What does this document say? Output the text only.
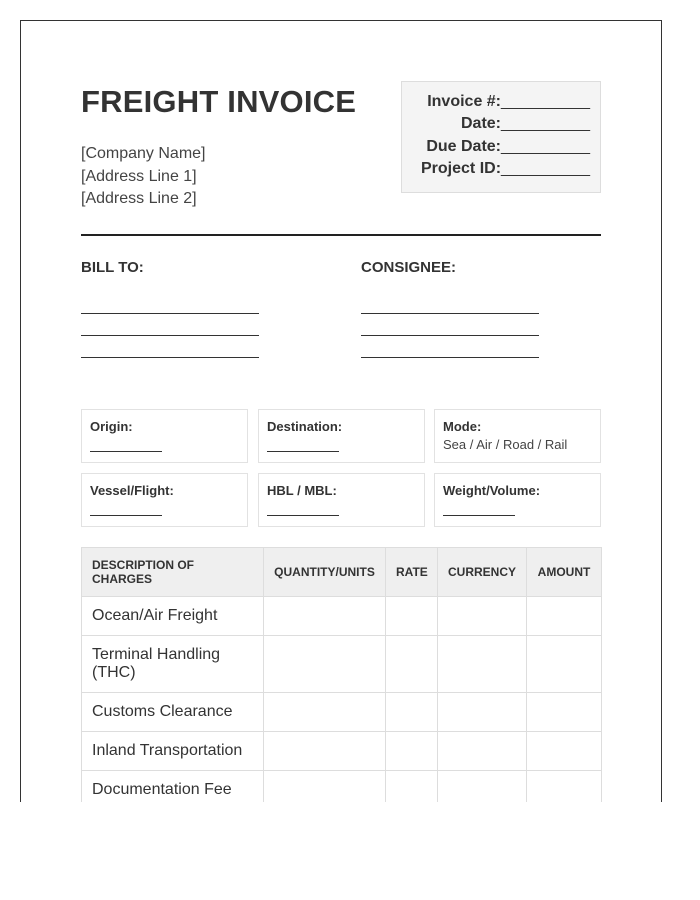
FREIGHT INVOICE
[Company Name]
[Address Line 1]
[Address Line 2]
Invoice #:__________
Date:__________
Due Date:__________
Project ID:__________
BILL TO:	CONSIGNEE:
Origin:	Destination:	Mode:
Sea / Air / Road / Rail
Vessel/Flight:	HBL / MBL:	Weight/Volume:
DESCRIPTION OF CHARGES	QUANTITY/UNITS	RATE	CURRENCY	AMOUNT
Ocean/Air Freight				
Terminal Handling (THC)				
Customs Clearance				
Inland Transportation				
Documentation Fee				
